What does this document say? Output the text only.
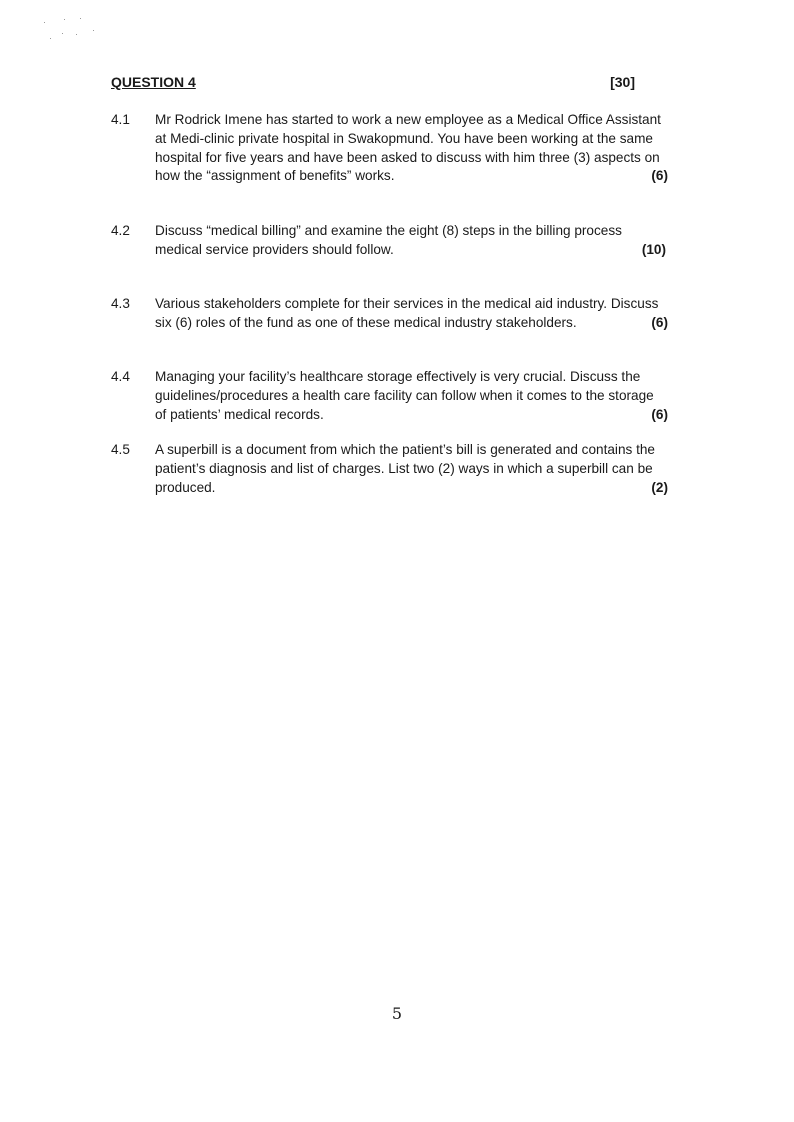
QUESTION 4	[30]
4.1	Mr Rodrick Imene has started to work a new employee as a Medical Office Assistant
at Medi-clinic private hospital in Swakopmund. You have been working at the same
hospital for five years and have been asked to discuss with him three (3) aspects on
how the “assignment of benefits” works.	(6)
4.2	Discuss “medical billing” and examine the eight (8) steps in the billing process
medical service providers should follow.	(10)
4.3	Various stakeholders complete for their services in the medical aid industry. Discuss
six (6) roles of the fund as one of these medical industry stakeholders.	(6)
4.4	Managing your facility’s healthcare storage effectively is very crucial. Discuss the
guidelines/procedures a health care facility can follow when it comes to the storage
of patients’ medical records.	(6)
4.5	A superbill is a document from which the patient’s bill is generated and contains the
patient’s diagnosis and list of charges. List two (2) ways in which a superbill can be
produced.	(2)
5
